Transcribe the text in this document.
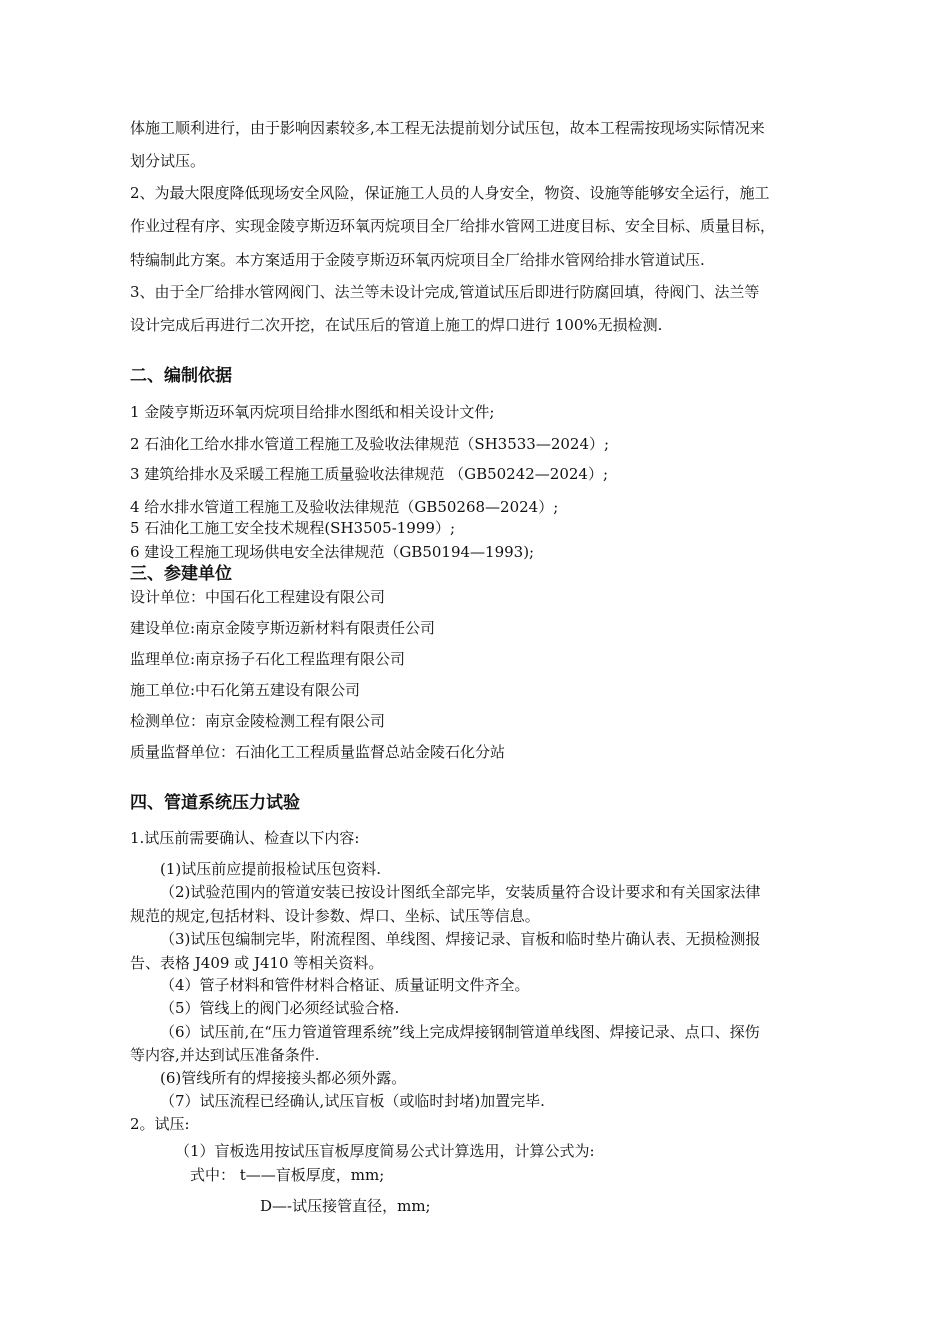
体施工顺利进行，由于影响因素较多,本工程无法提前划分试压包，故本工程需按现场实际情况来
划分试压。
2、为最大限度降低现场安全风险，保证施工人员的人身安全，物资、设施等能够安全运行，施工
作业过程有序、实现金陵亨斯迈环氧丙烷项目全厂给排水管网工进度目标、安全目标、质量目标，
特编制此方案。本方案适用于金陵亨斯迈环氧丙烷项目全厂给排水管网给排水管道试压.
3、由于全厂给排水管网阀门、法兰等未设计完成,管道试压后即进行防腐回填，待阀门、法兰等
设计完成后再进行二次开挖，在试压后的管道上施工的焊口进行 100%无损检测.
二、编制依据
1 金陵亨斯迈环氧丙烷项目给排水图纸和相关设计文件;
2 石油化工给水排水管道工程施工及验收法律规范（SH3533—2024）;
3 建筑给排水及采暖工程施工质量验收法律规范 （GB50242—2024）;
4 给水排水管道工程施工及验收法律规范（GB50268—2024）;
5 石油化工施工安全技术规程(SH3505-1999）;
6 建设工程施工现场供电安全法律规范（GB50194—1993);
三、参建单位
设计单位：中国石化工程建设有限公司
建设单位:南京金陵亨斯迈新材料有限责任公司
监理单位:南京扬子石化工程监理有限公司
施工单位:中石化第五建设有限公司
检测单位：南京金陵检测工程有限公司
质量监督单位：石油化工工程质量监督总站金陵石化分站
四、管道系统压力试验
1.试压前需要确认、检查以下内容:
(1)试压前应提前报检试压包资料.
（2)试验范围内的管道安装已按设计图纸全部完毕，安装质量符合设计要求和有关国家法律
规范的规定,包括材料、设计参数、焊口、坐标、试压等信息。
（3)试压包编制完毕，附流程图、单线图、焊接记录、盲板和临时垫片确认表、无损检测报
告、表格 J409 或 J410 等相关资料。
（4）管子材料和管件材料合格证、质量证明文件齐全。
（5）管线上的阀门必须经试验合格.
（6）试压前,在“压力管道管理系统”线上完成焊接钢制管道单线图、焊接记录、点口、探伤
等内容,并达到试压准备条件.
(6)管线所有的焊接接头都必须外露。
（7）试压流程已经确认,试压盲板（或临时封堵)加置完毕.
2。试压:
（1）盲板选用按试压盲板厚度简易公式计算选用，计算公式为:
式中： t——盲板厚度，mm;
D—-试压接管直径，mm;
